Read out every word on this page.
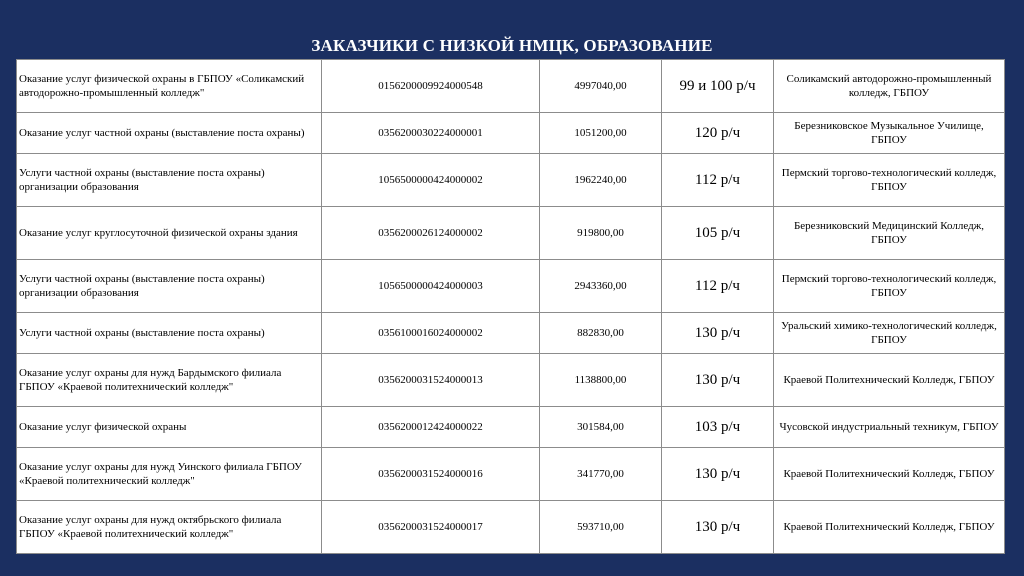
ЗАКАЗЧИКИ С НИЗКОЙ НМЦК, ОБРАЗОВАНИЕ
Оказание услуг физической охраны в ГБПОУ «Соликамский автодорожно-промышленный колледж"	0156200009924000548	4997040,00	99 и 100 р/ч	Соликамский автодорожно-промышленный колледж, ГБПОУ
Оказание услуг частной охраны (выставление поста охраны)	0356200030224000001	1051200,00	120 р/ч	Березниковское Музыкальное Училище, ГБПОУ
Услуги частной охраны (выставление поста охраны) организации образования	1056500000424000002	1962240,00	112 р/ч	Пермский торгово-технологический колледж, ГБПОУ
Оказание услуг круглосуточной физической охраны здания	0356200026124000002	919800,00	105 р/ч	Березниковский Медицинский Колледж, ГБПОУ
Услуги частной охраны (выставление поста охраны) организации образования	1056500000424000003	2943360,00	112 р/ч	Пермский торгово-технологический колледж, ГБПОУ
Услуги частной охраны (выставление поста охраны)	0356100016024000002	882830,00	130 р/ч	Уральский химико-технологический колледж, ГБПОУ
Оказание услуг охраны для нужд Бардымского филиала ГБПОУ «Краевой политехнический колледж"	0356200031524000013	1138800,00	130 р/ч	Краевой Политехнический Колледж, ГБПОУ
Оказание услуг физической охраны	0356200012424000022	301584,00	103 р/ч	Чусовской индустриальный техникум, ГБПОУ
Оказание услуг охраны для нужд Уинского филиала ГБПОУ «Краевой политехнический колледж"	0356200031524000016	341770,00	130 р/ч	Краевой Политехнический Колледж, ГБПОУ
Оказание услуг охраны для нужд октябрьского филиала ГБПОУ «Краевой политехнический колледж"	0356200031524000017	593710,00	130 р/ч	Краевой Политехнический Колледж, ГБПОУ
